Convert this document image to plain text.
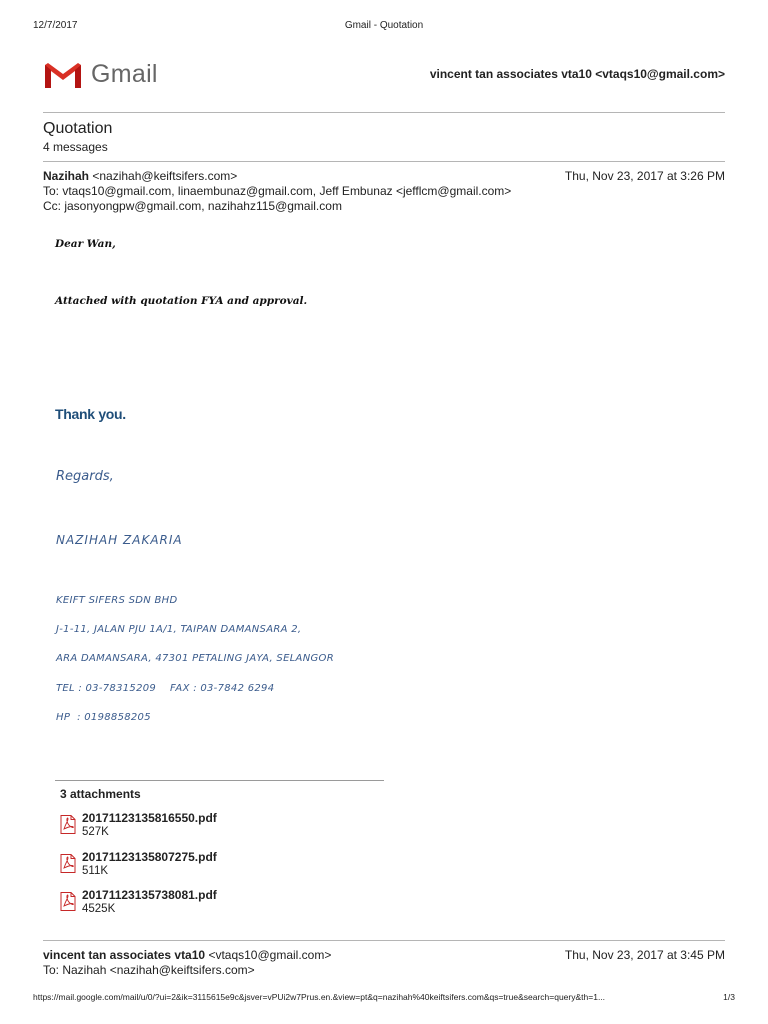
12/7/2017	Gmail - Quotation
Gmail	vincent tan associates vta10 <vtaqs10@gmail.com>
Quotation
4 messages
Nazihah <nazihah@keiftsifers.com>	Thu, Nov 23, 2017 at 3:26 PM
To: vtaqs10@gmail.com, linaembunaz@gmail.com, Jeff Embunaz <jefflcm@gmail.com>
Cc: jasonyongpw@gmail.com, nazihahz115@gmail.com
Dear Wan,
Attached with quotation FYA and approval.
Thank you.
Regards,
NAZIHAH ZAKARIA
KEIFT SIFERS SDN BHD
J-1-11, JALAN PJU 1A/1, TAIPAN DAMANSARA 2,
ARA DAMANSARA, 47301 PETALING JAYA, SELANGOR
TEL : 03-78315209    FAX : 03-7842 6294
HP  : 0198858205
3 attachments
20171123135816550.pdf
527K
20171123135807275.pdf
511K
20171123135738081.pdf
4525K
vincent tan associates vta10 <vtaqs10@gmail.com>	Thu, Nov 23, 2017 at 3:45 PM
To: Nazihah <nazihah@keiftsifers.com>
https://mail.google.com/mail/u/0/?ui=2&ik=3115615e9c&jsver=vPUi2w7Prus.en.&view=pt&q=nazihah%40keiftsifers.com&qs=true&search=query&th=1...	1/3
